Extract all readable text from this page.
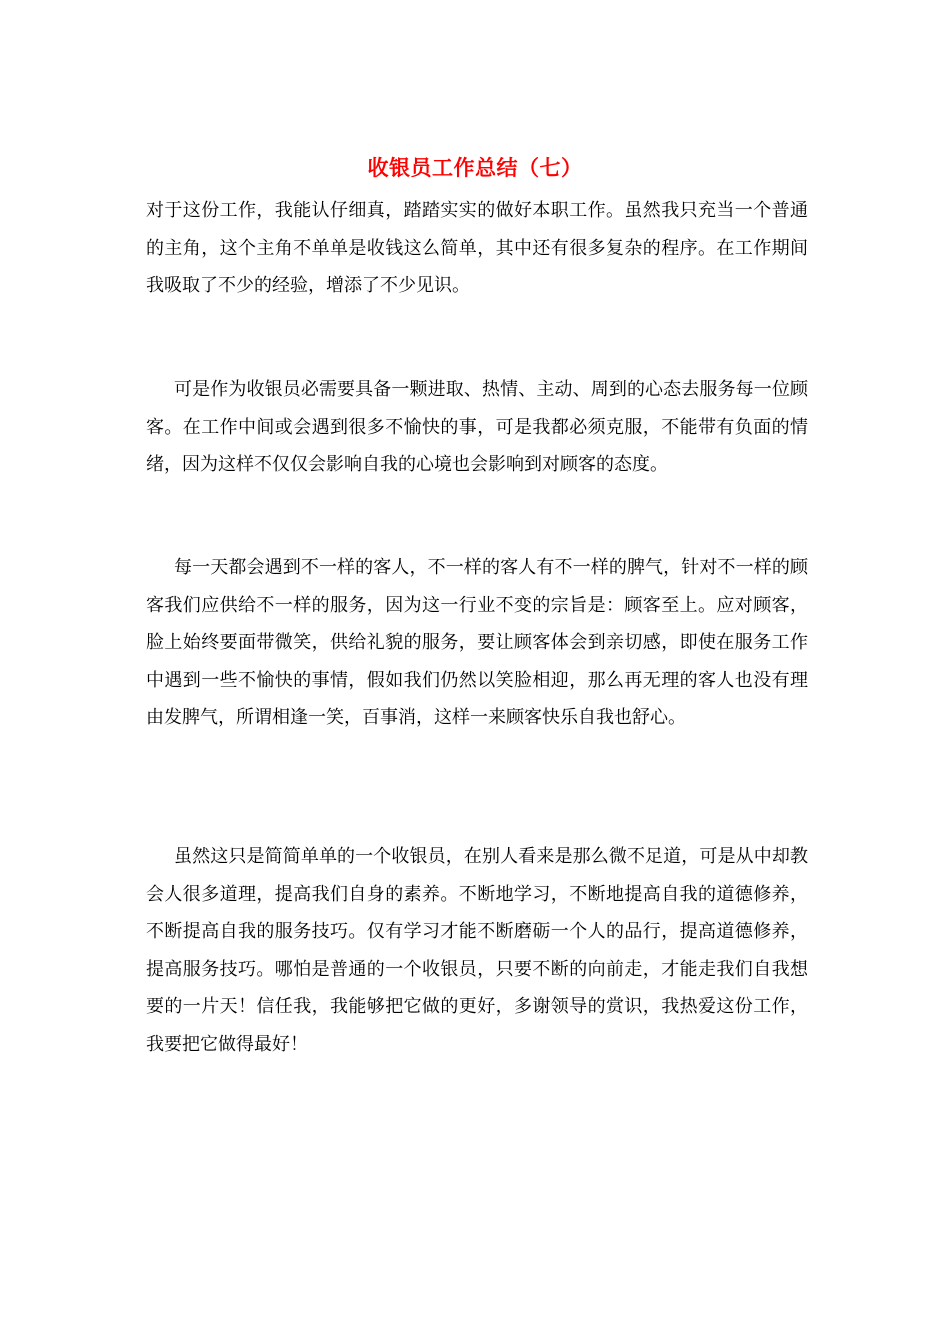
收银员工作总结（七）

对于这份工作，我能认仔细真，踏踏实实的做好本职工作。虽然我只充当一个普通的主角，这个主角不单单是收钱这么简单，其中还有很多复杂的程序。在工作期间我吸取了不少的经验，增添了不少见识。

可是作为收银员必需要具备一颗进取、热情、主动、周到的心态去服务每一位顾客。在工作中间或会遇到很多不愉快的事，可是我都必须克服，不能带有负面的情绪，因为这样不仅仅会影响自我的心境也会影响到对顾客的态度。

每一天都会遇到不一样的客人，不一样的客人有不一样的脾气，针对不一样的顾客我们应供给不一样的服务，因为这一行业不变的宗旨是：顾客至上。应对顾客，脸上始终要面带微笑，供给礼貌的服务，要让顾客体会到亲切感，即使在服务工作中遇到一些不愉快的事情，假如我们仍然以笑脸相迎，那么再无理的客人也没有理由发脾气，所谓相逢一笑，百事消，这样一来顾客快乐自我也舒心。

虽然这只是简简单单的一个收银员，在别人看来是那么微不足道，可是从中却教会人很多道理，提高我们自身的素养。不断地学习，不断地提高自我的道德修养，不断提高自我的服务技巧。仅有学习才能不断磨砺一个人的品行，提高道德修养，提高服务技巧。哪怕是普通的一个收银员，只要不断的向前走，才能走我们自我想要的一片天！信任我，我能够把它做的更好，多谢领导的赏识，我热爱这份工作，我要把它做得最好！
